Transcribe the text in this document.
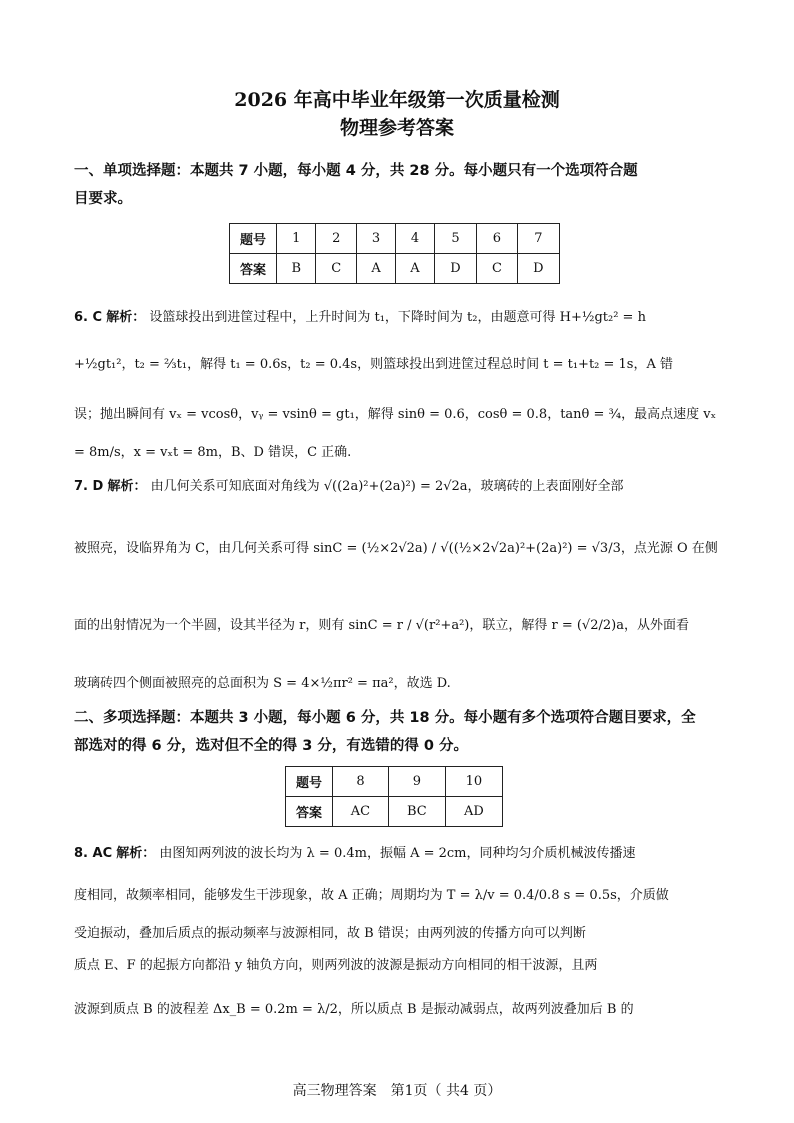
2026 年高中毕业年级第一次质量检测
物理参考答案
一、单项选择题：本题共 7 小题，每小题 4 分，共 28 分。每小题只有一个选项符合题
目要求。
题号	1	2	3	4	5	6	7
答案	B	C	A	A	D	C	D
6. C 解析： 设篮球投出到进筐过程中，上升时间为 t₁，下降时间为 t₂，由题意可得 H+½gt₂² = h
+½gt₁²，t₂ = ⅔t₁，解得 t₁ = 0.6s，t₂ = 0.4s，则篮球投出到进筐过程总时间 t = t₁+t₂ = 1s，A 错
误；抛出瞬间有 vₓ = vcosθ，vᵧ = vsinθ = gt₁，解得 sinθ = 0.6，cosθ = 0.8，tanθ = ¾，最高点速度 vₓ
= 8m/s，x = vₓt = 8m，B、D 错误，C 正确.
7. D 解析： 由几何关系可知底面对角线为 √((2a)²+(2a)²) = 2√2a，玻璃砖的上表面刚好全部
被照亮，设临界角为 C，由几何关系可得 sinC = (½×2√2a) / √((½×2√2a)²+(2a)²) = √3/3，点光源 O 在侧
面的出射情况为一个半圆，设其半径为 r，则有 sinC = r / √(r²+a²)，联立，解得 r = (√2/2)a，从外面看
玻璃砖四个侧面被照亮的总面积为 S = 4×½πr² = πa²，故选 D.
二、多项选择题：本题共 3 小题，每小题 6 分，共 18 分。每小题有多个选项符合题目要求，全
部选对的得 6 分，选对但不全的得 3 分，有选错的得 0 分。
题号	8	9	10
答案	AC	BC	AD
8. AC 解析： 由图知两列波的波长均为 λ = 0.4m，振幅 A = 2cm，同种均匀介质机械波传播速
度相同，故频率相同，能够发生干涉现象，故 A 正确；周期均为 T = λ/v = 0.4/0.8 s = 0.5s，介质做
受迫振动，叠加后质点的振动频率与波源相同，故 B 错误；由两列波的传播方向可以判断
质点 E、F 的起振方向都沿 y 轴负方向，则两列波的波源是振动方向相同的相干波源，且两
波源到质点 B 的波程差 Δx_B = 0.2m = λ/2，所以质点 B 是振动减弱点，故两列波叠加后 B 的
高三物理答案　第1页（ 共4 页）
